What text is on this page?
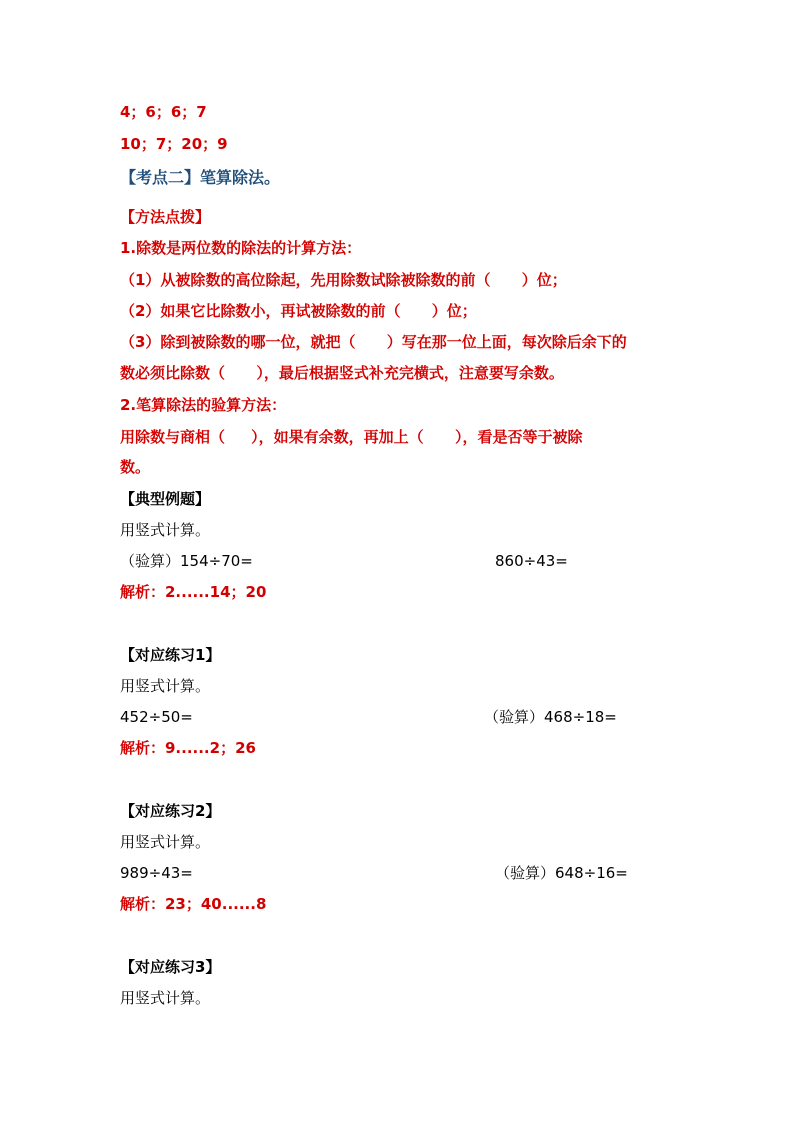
4；6；6；7
10；7；20；9
【考点二】笔算除法。
【方法点拨】
1.除数是两位数的除法的计算方法：
（1）从被除数的高位除起，先用除数试除被除数的前（      ）位；
（2）如果它比除数小，再试被除数的前（      ）位；
（3）除到被除数的哪一位，就把（      ）写在那一位上面，每次除后余下的
数必须比除数（      ），最后根据竖式补充完横式，注意要写余数。
2.笔算除法的验算方法：
用除数与商相（     ），如果有余数，再加上（      ），看是否等于被除
数。
【典型例题】
用竖式计算。
（验算）154÷70=	860÷43=
解析：2......14；20
【对应练习1】
用竖式计算。
452÷50=	（验算）468÷18=
解析：9......2；26
【对应练习2】
用竖式计算。
989÷43=	（验算）648÷16=
解析：23；40......8
【对应练习3】
用竖式计算。
